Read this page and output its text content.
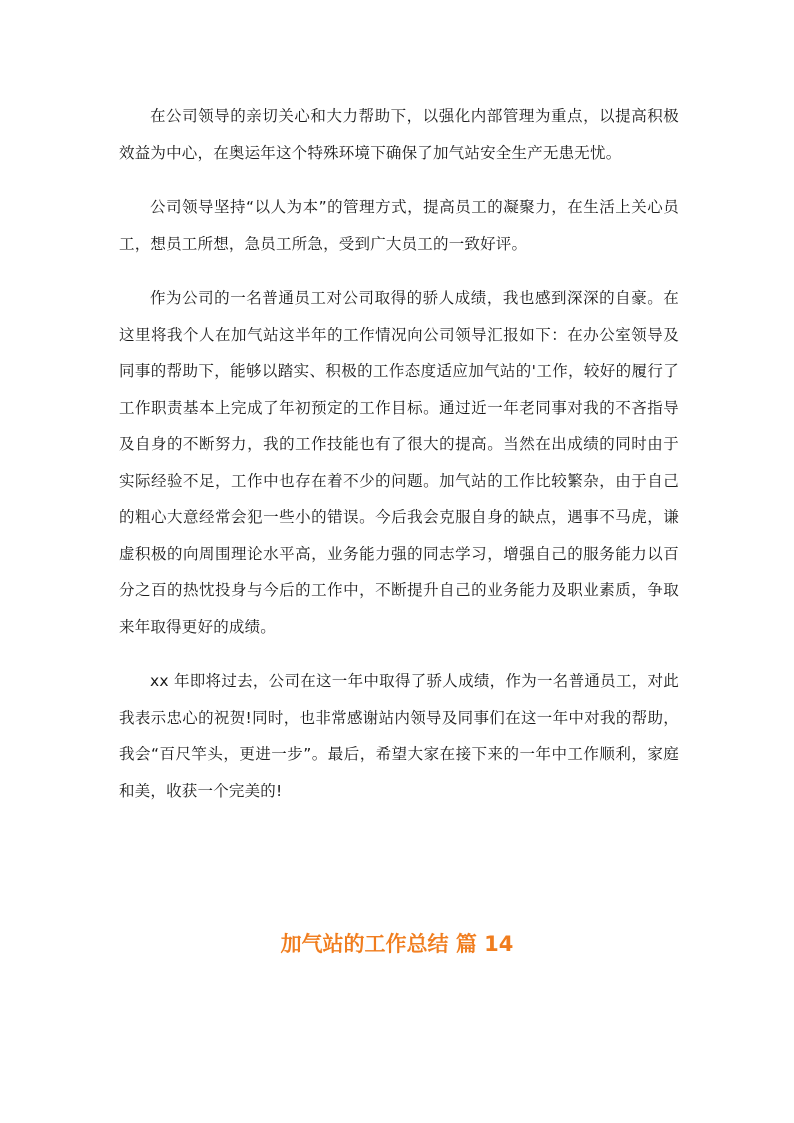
在公司领导的亲切关心和大力帮助下，以强化内部管理为重点，以提高积极效益为中心，在奥运年这个特殊环境下确保了加气站安全生产无患无忧。

公司领导坚持“以人为本”的管理方式，提高员工的凝聚力，在生活上关心员工，想员工所想，急员工所急，受到广大员工的一致好评。

作为公司的一名普通员工对公司取得的骄人成绩，我也感到深深的自豪。在这里将我个人在加气站这半年的工作情况向公司领导汇报如下：在办公室领导及同事的帮助下，能够以踏实、积极的工作态度适应加气站的'工作，较好的履行了工作职责基本上完成了年初预定的工作目标。通过近一年老同事对我的不吝指导及自身的不断努力，我的工作技能也有了很大的提高。当然在出成绩的同时由于实际经验不足，工作中也存在着不少的问题。加气站的工作比较繁杂，由于自己的粗心大意经常会犯一些小的错误。今后我会克服自身的缺点，遇事不马虎，谦虚积极的向周围理论水平高，业务能力强的同志学习，增强自己的服务能力以百分之百的热忱投身与今后的工作中，不断提升自己的业务能力及职业素质，争取来年取得更好的成绩。

xx 年即将过去，公司在这一年中取得了骄人成绩，作为一名普通员工，对此我表示忠心的祝贺!同时，也非常感谢站内领导及同事们在这一年中对我的帮助，我会“百尺竿头，更进一步”。最后，希望大家在接下来的一年中工作顺利，家庭和美，收获一个完美的!

加气站的工作总结 篇 14
